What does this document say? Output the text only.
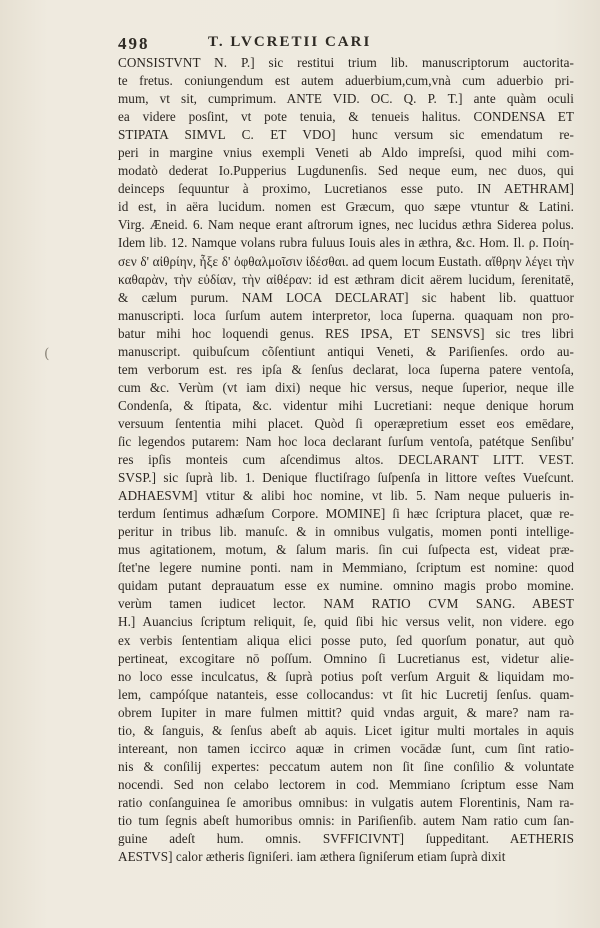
498	T. LVCRETII CARI
(
CONSISTVNT N. P.] sic restitui trium lib. manuscriptorum auctorita-
te fretus. coniungendum est autem aduerbium,cum,vnà cum aduerbio pri-
mum, vt sit, cumprimum. ANTE VID. OC. Q. P. T.] ante quàm oculi
ea videre posſint, vt pote tenuia, & tenueis halitus. CONDENSA ET
STIPATA SIMVL C. ET VDO] hunc versum sic emendatum re-
peri in margine vnius exempli Veneti ab Aldo impreſsi, quod mihi com-
modatò dederat Io.Pupperius Lugdunenſis. Sed neque eum, nec duos, qui
deinceps ſequuntur à proximo, Lucretianos esse puto. IN AETHRAM]
id est, in aëra lucidum. nomen est Græcum, quo sæpe vtuntur & Latini.
Virg. Æneid. 6. Nam neque erant aſtrorum ignes, nec lucidus æthra Siderea polus.
Idem lib. 12. Namque volans rubra fuluus Iouis ales in æthra, &c. Hom. Il. ρ. Ποίη-
σεν δ' αἰθρίην, ἦξε δ' ὀφθαλμοῖσιν ἰδέσθαι. ad quem locum Eustath. αἴθρην λέγει τὴν
καθαρὰν, τὴν εὐδίαν, τὴν αἰθέραν: id est æthram dicit aërem lucidum, ſerenitatē,
& cælum purum. NAM LOCA DECLARAT] sic habent lib. quattuor
manuscripti. loca ſurſum autem interpretor, loca ſuperna. quaquam non pro-
batur mihi hoc loquendi genus. RES IPSA, ET SENSVS] sic tres libri
manuscript. quibuſcum cõſentiunt antiqui Veneti, & Pariſienſes. ordo au-
tem verborum est. res ipſa & ſenſus declarat, loca ſuperna patere ventoſa,
cum &c. Verùm (vt iam dixi) neque hic versus, neque ſuperior, neque ille
Condenſa, & ſtipata, &c. videntur mihi Lucretiani: neque denique horum
versuum ſententia mihi placet. Quòd ſi operæpretium esset eos emēdare,
ſic legendos putarem: Nam hoc loca declarant ſurſum ventoſa, patétque Senſibu'
res ipſis monteis cum aſcendimus altos. DECLARANT LITT. VEST.
SVSP.] sic ſuprà lib. 1. Denique fluctiſrago ſuſpenſa in littore veſtes Vueſcunt.
ADHAESVM] vtitur & alibi hoc nomine, vt lib. 5. Nam neque pulueris in-
terdum ſentimus adhæſum Corpore. MOMINE] ſi hæc ſcriptura placet, quæ re-
peritur in tribus lib. manuſc. & in omnibus vulgatis, momen ponti intellige-
mus agitationem, motum, & ſalum maris. ſin cui ſuſpecta est, videat præ-
ſtet'ne legere numine ponti. nam in Memmiano, ſcriptum est nomine: quod
quidam putant deprauatum esse ex numine. omnino magis probo momine.
verùm tamen iudicet lector. NAM RATIO CVM SANG. ABEST
H.] Auancius ſcriptum reliquit, ſe, quid ſibi hic versus velit, non videre. ego
ex verbis ſententiam aliqua elici posse puto, ſed quorſum ponatur, aut quò
pertineat, excogitare nō poſſum. Omnino ſi Lucretianus est, videtur alie-
no loco esse inculcatus, & ſuprà potius poſt verſum Arguit & liquidam mo-
lem, campóſque natanteis, esse collocandus: vt ſit hic Lucretij ſenſus. quam-
obrem Iupiter in mare fulmen mittit? quid vndas arguit, & mare? nam ra-
tio, & ſanguis, & ſenſus abeſt ab aquis. Licet igitur multi mortales in aquis
intereant, non tamen iccirco aquæ in crimen vocādæ ſunt, cum ſint ratio-
nis & conſilij expertes: peccatum autem non ſit ſine conſilio & voluntate
nocendi. Sed non celabo lectorem in cod. Memmiano ſcriptum esse Nam
ratio conſanguinea ſe amoribus omnibus: in vulgatis autem Florentinis, Nam ra-
tio tum ſegnis abeſt humoribus omnis: in Pariſienſib. autem Nam ratio cum ſan-
guine adeſt hum. omnis. SVFFICIVNT] ſuppeditant. AETHERIS
AESTVS] calor ætheris ſigniſeri. iam æthera ſigniſerum etiam ſuprà dixit
